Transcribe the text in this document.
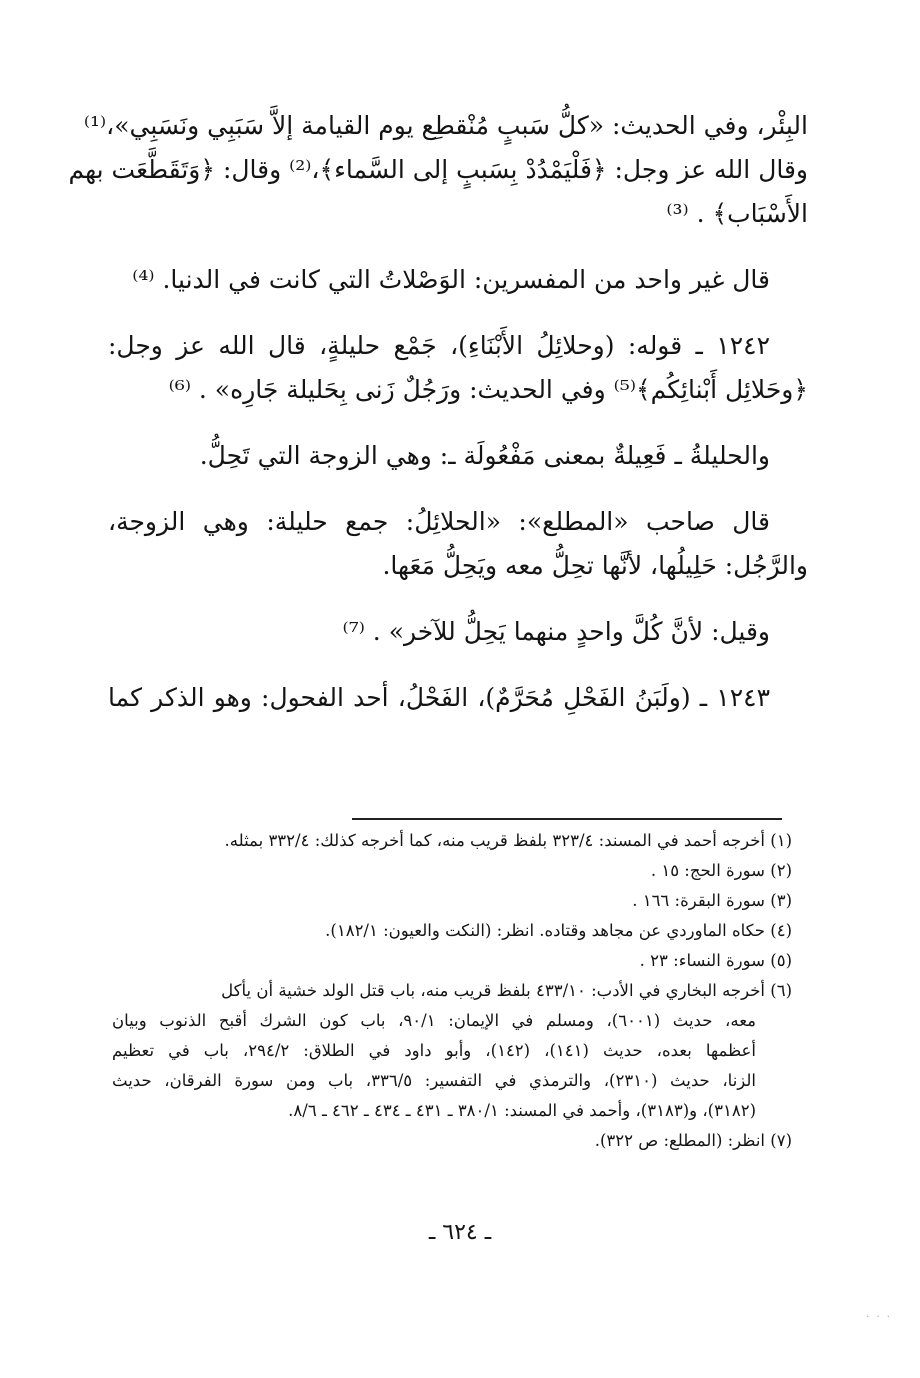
البِئْر، وفي الحديث: «كلُّ سَببٍ مُنْقطِع يوم القيامة إلاَّ سَبَبِي ونَسَبِي»،⁽¹⁾
وقال الله عز وجل: ﴿فَلْيَمْدُدْ بِسَببٍ إلى السَّماء﴾،⁽²⁾ وقال: ﴿وَتَقَطَّعَت بهم
الأَسْبَاب﴾ . ⁽³⁾
قال غير واحد من المفسرين: الوَصْلاتُ التي كانت في الدنيا. ⁽⁴⁾
١٢٤٢ ـ قوله: (وحلائِلُ الأَبْنَاءِ)، جَمْع حليلةٍ، قال الله عز وجل:
﴿وحَلائِل أَبْنائِكُم﴾⁽⁵⁾ وفي الحديث: ورَجُلٌ زَنى بِحَليلة جَارِه» . ⁽⁶⁾
والحليلةُ ـ فَعِيلةٌ بمعنى مَفْعُولَة ـ: وهي الزوجة التي تَحِلُّ.
قال صاحب «المطلع»: «الحلائِلُ: جمع حليلة: وهي الزوجة،
والرَّجُل: حَلِيلُها، لأنَّها تحِلُّ معه ويَحِلُّ مَعَها.
وقيل: لأنَّ كُلَّ واحدٍ منهما يَحِلُّ للآخر» . ⁽⁷⁾
١٢٤٣ ـ (ولَبَنُ الفَحْلِ مُحَرَّمٌ)، الفَحْلُ، أحد الفحول: وهو الذكر كما
(١) أخرجه أحمد في المسند: ٣٢٣/٤ بلفظ قريب منه، كما أخرجه كذلك: ٣٣٢/٤ بمثله.
(٢) سورة الحج: ١٥ .
(٣) سورة البقرة: ١٦٦ .
(٤) حكاه الماوردي عن مجاهد وقتاده. انظر: (النكت والعيون: ١٨٢/١).
(٥) سورة النساء: ٢٣ .
(٦) أخرجه البخاري في الأدب: ٤٣٣/١٠ بلفظ قريب منه، باب قتل الولد خشية أن يأكل
معه، حديث (٦٠٠١)، ومسلم في الإيمان: ٩٠/١، باب كون الشرك أقبح الذنوب وبيان
أعظمها بعده، حديث (١٤١)، (١٤٢)، وأبو داود في الطلاق: ٢٩٤/٢، باب في تعظيم
الزنا، حديث (٢٣١٠)، والترمذي في التفسير: ٣٣٦/٥، باب ومن سورة الفرقان، حديث
(٣١٨٢)، و(٣١٨٣)، وأحمد في المسند: ٣٨٠/١ ـ ٤٣١ ـ ٤٣٤ ـ ٤٦٢ ـ ٨/٦.
(٧) انظر: (المطلع: ص ٣٢٢).
ـ ٦٢٤ ـ
· · ·
